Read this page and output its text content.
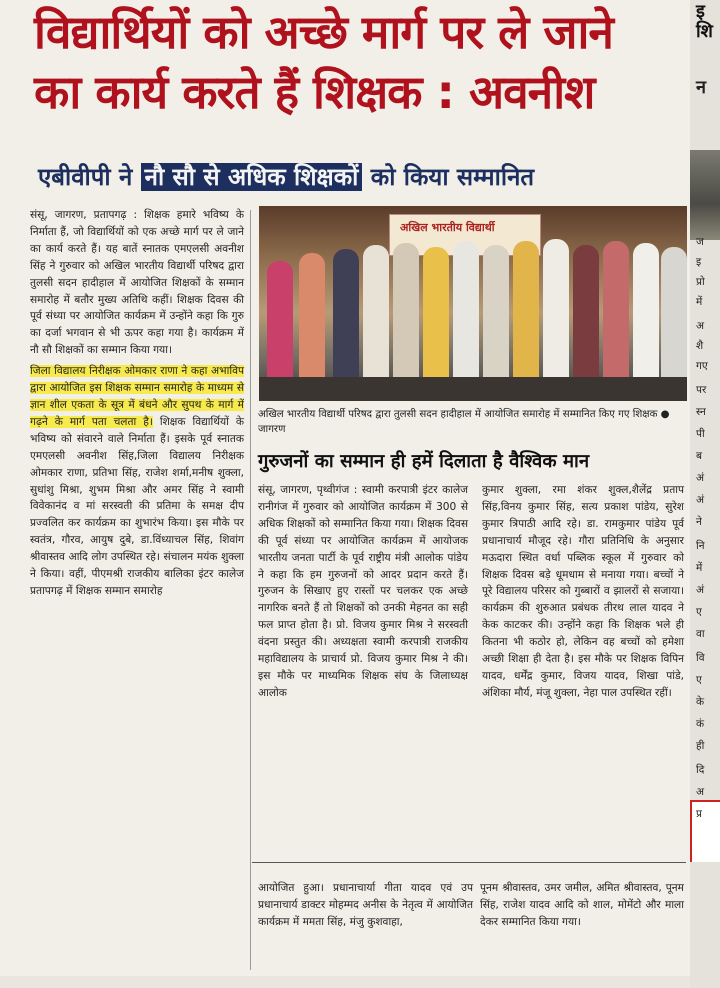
विद्यार्थियों को अच्छे मार्ग पर ले जाने
का कार्य करते हैं शिक्षक : अवनीश
एबीवीपी ने नौ सौ से अधिक शिक्षकों को किया सम्मानित

संसू, जागरण, प्रतापगढ़ : शिक्षक हमारे भविष्य के निर्माता हैं, जो विद्यार्थियों को एक अच्छे मार्ग पर ले जाने का कार्य करते हैं। यह बातें स्नातक एमएलसी अवनीश सिंह ने गुरुवार को अखिल भारतीय विद्यार्थी परिषद द्वारा तुलसी सदन हादीहाल में आयोजित शिक्षकों के सम्मान समारोह में बतौर मुख्य अतिथि कहीं। शिक्षक दिवस की पूर्व संध्या पर आयोजित कार्यक्रम में उन्होंने कहा कि गुरु का दर्जा भगवान से भी ऊपर कहा गया है। कार्यक्रम में नौ सौ शिक्षकों का सम्मान किया गया।

जिला विद्यालय निरीक्षक ओमकार राणा ने कहा अभाविप द्वारा आयोजित इस शिक्षक सम्मान समारोह के माध्यम से ज्ञान शील एकता के सूत्र में बंधने और सुपथ के मार्ग में गढ़ने के मार्ग पता चलता है। शिक्षक विद्यार्थियों के भविष्य को संवारने वाले निर्माता हैं। इसके पूर्व स्नातक एमएलसी अवनीश सिंह,जिला विद्यालय निरीक्षक ओमकार राणा, प्रतिभा सिंह, राजेश शर्मा,मनीष शुक्ला, सुधांशु मिश्रा, शुभम मिश्रा और अमर सिंह ने स्वामी विवेकानंद व मां सरस्वती की प्रतिमा के समक्ष दीप प्रज्वलित कर कार्यक्रम का शुभारंभ किया। इस मौके पर स्वतंत्र, गौरव, आयुष दुबे, डा.विंध्याचल सिंह, शिवांग श्रीवास्तव आदि लोग उपस्थित रहे। संचालन मयंक शुक्ला ने किया। वहीं, पीएमश्री राजकीय बालिका इंटर कालेज प्रतापगढ़ में शिक्षक सम्मान समारोह

अखिल भारतीय विद्यार्थी
अखिल भारतीय विद्यार्थी परिषद द्वारा तुलसी सदन हादीहाल में आयोजित समारोह में सम्मानित किए गए शिक्षक ● जागरण
गुरुजनों का सम्मान ही हमें दिलाता है वैश्विक मान
संसू, जागरण, पृथ्वीगंज : स्वामी करपात्री इंटर कालेज रानीगंज में गुरुवार को आयोजित कार्यक्रम में 300 से अधिक शिक्षकों को सम्मानित किया गया। शिक्षक दिवस की पूर्व संध्या पर आयोजित कार्यक्रम में आयोजक भारतीय जनता पार्टी के पूर्व राष्ट्रीय मंत्री आलोक पांडेय ने कहा कि हम गुरुजनों को आदर प्रदान करते हैं। गुरुजन के सिखाए हुए रास्तों पर चलकर एक अच्छे नागरिक बनते हैं तो शिक्षकों को उनकी मेहनत का सही फल प्राप्त होता है। प्रो. विजय कुमार मिश्र ने सरस्वती वंदना प्रस्तुत की। अध्यक्षता स्वामी करपात्री राजकीय महाविद्यालय के प्राचार्य प्रो. विजय कुमार मिश्र ने की। इस मौके पर माध्यमिक शिक्षक संघ के जिलाध्यक्ष आलोक
कुमार शुक्ला, रमा शंकर शुक्ल,शैलेंद्र प्रताप सिंह,विनय कुमार सिंह, सत्य प्रकाश पांडेय, सुरेश कुमार त्रिपाठी आदि रहे। डा. रामकुमार पांडेय पूर्व प्रधानाचार्य मौजूद रहे। गौरा प्रतिनिधि के अनुसार मऊदारा स्थित वर्धा पब्लिक स्कूल में गुरुवार को शिक्षक दिवस बड़े धूमधाम से मनाया गया। बच्चों ने पूरे विद्यालय परिसर को गुब्बारों व झालरों से सजाया। कार्यक्रम की शुरुआत प्रबंधक तीरथ लाल यादव ने केक काटकर की। उन्होंने कहा कि शिक्षक भले ही कितना भी कठोर हो, लेकिन वह बच्चों को हमेशा अच्छी शिक्षा ही देता है। इस मौके पर शिक्षक विपिन यादव, धर्मेंद्र कुमार, विजय यादव, शिखा पांडे, अंशिका मौर्य, मंजू शुक्ला, नेहा पाल उपस्थित रहीं।
आयोजित हुआ। प्रधानाचार्या गीता यादव एवं उप प्रधानाचार्य डाक्टर मोहम्मद अनीस के नेतृत्व में आयोजित कार्यक्रम में ममता सिंह, मंजु कुशवाहा,
पूनम श्रीवास्तव, उमर जमील, अमित श्रीवास्तव, पूनम सिंह, राजेश यादव आदि को शाल, मोमेंटो और माला देकर सम्मानित किया गया।
इ
शि
न
ज
इ
प्रो
में
अ
शै
गए
पर
स्न
पी
ब
अं
अं
ने
नि
में
अं
ए
वा
वि
ए
के
कं
ही
दि
अ
प्र
